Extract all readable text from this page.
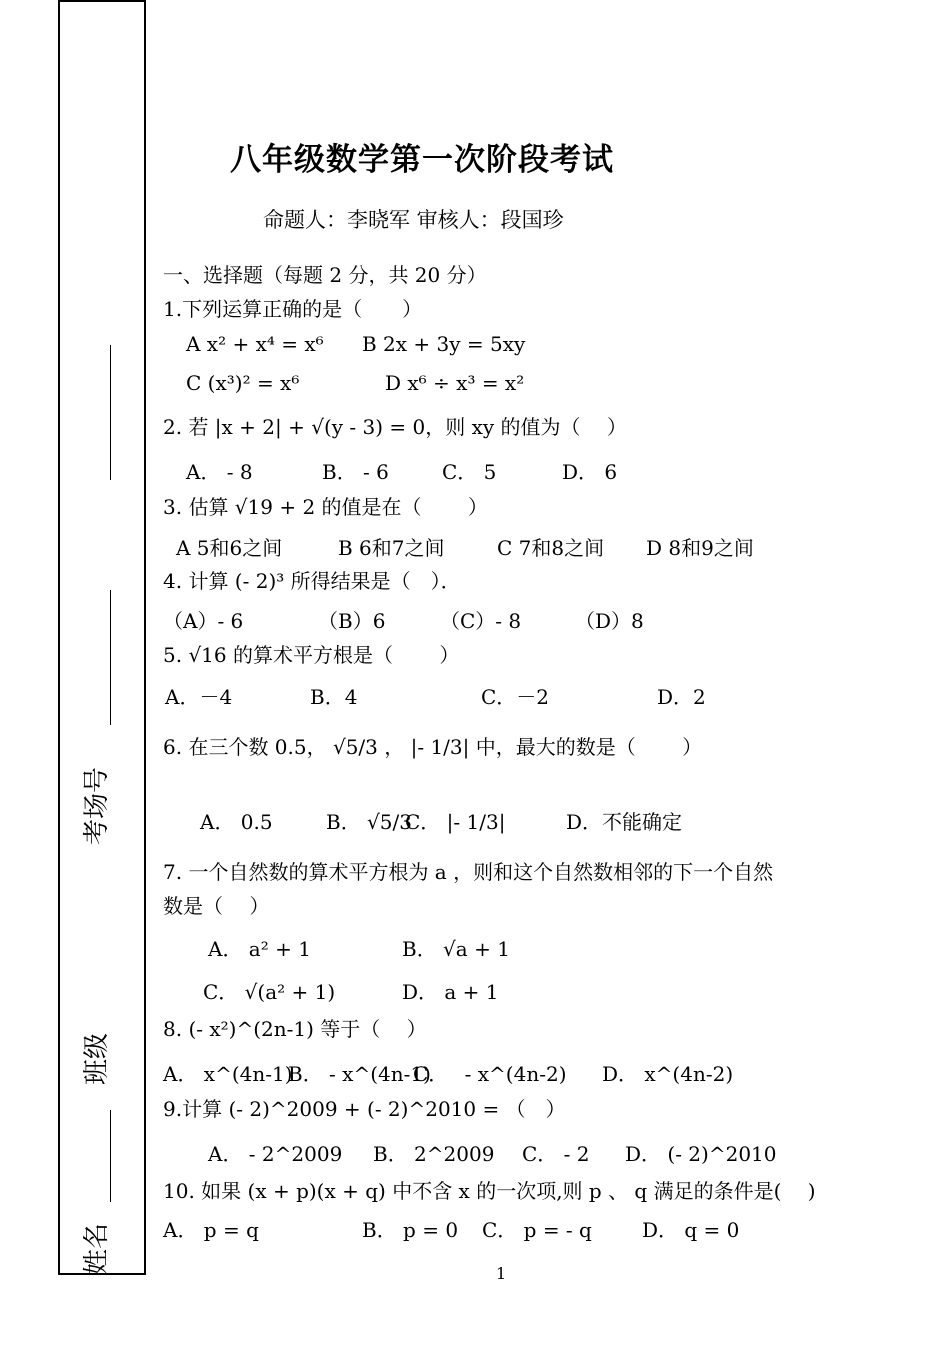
考场号
班级
姓名
八年级数学第一次阶段考试
命题人：李晓军 审核人：段国珍
一、选择题（每题 2 分，共 20 分）
1.下列运算正确的是（　　）
A x² + x⁴ = x⁶ B 2x + 3y = 5xy
C (x³)² = x⁶	D x⁶ ÷ x³ = x²
2. 若 |x + 2| + √(y - 3) = 0，则 xy 的值为（　 ）
A． - 8	B． - 6	C． 5	D． 6
3. 估算 √19 + 2 的值是在（　　 ）
A 5和6之间	B 6和7之间	C 7和8之间 D 8和9之间
4. 计算 (- 2)³ 所得结果是（　）．
（A）- 6	（B）6	（C）- 8	（D）8
5. √16 的算术平方根是（　　 ）
A．－4	B．4	C．－2	D．2
6. 在三个数 0.5， √5/3 ， |- 1/3| 中，最大的数是（　　 ）
A． 0.5	B． √5/3
C． |- 1/3|	D．不能确定
7. 一个自然数的算术平方根为 a ，则和这个自然数相邻的下一个自然
数是（　 ）
A． a² + 1	B． √a + 1
C． √(a² + 1)	D． a + 1
8. (- x²)^(2n-1) 等于（　 ）
A． x^(4n-1)
B． - x^(4n-1)
C．　 - x^(4n-2) D． x^(4n-2)
9.计算 (- 2)^2009 + (- 2)^2010 = （　）
A． - 2^2009 B． 2^2009 C． - 2 D． (- 2)^2010
10. 如果 (x + p)(x + q) 中不含 x 的一次项,则 p 、 q 满足的条件是(　 )
A． p = q	B． p = 0 C． p = - q	D． q = 0
1
